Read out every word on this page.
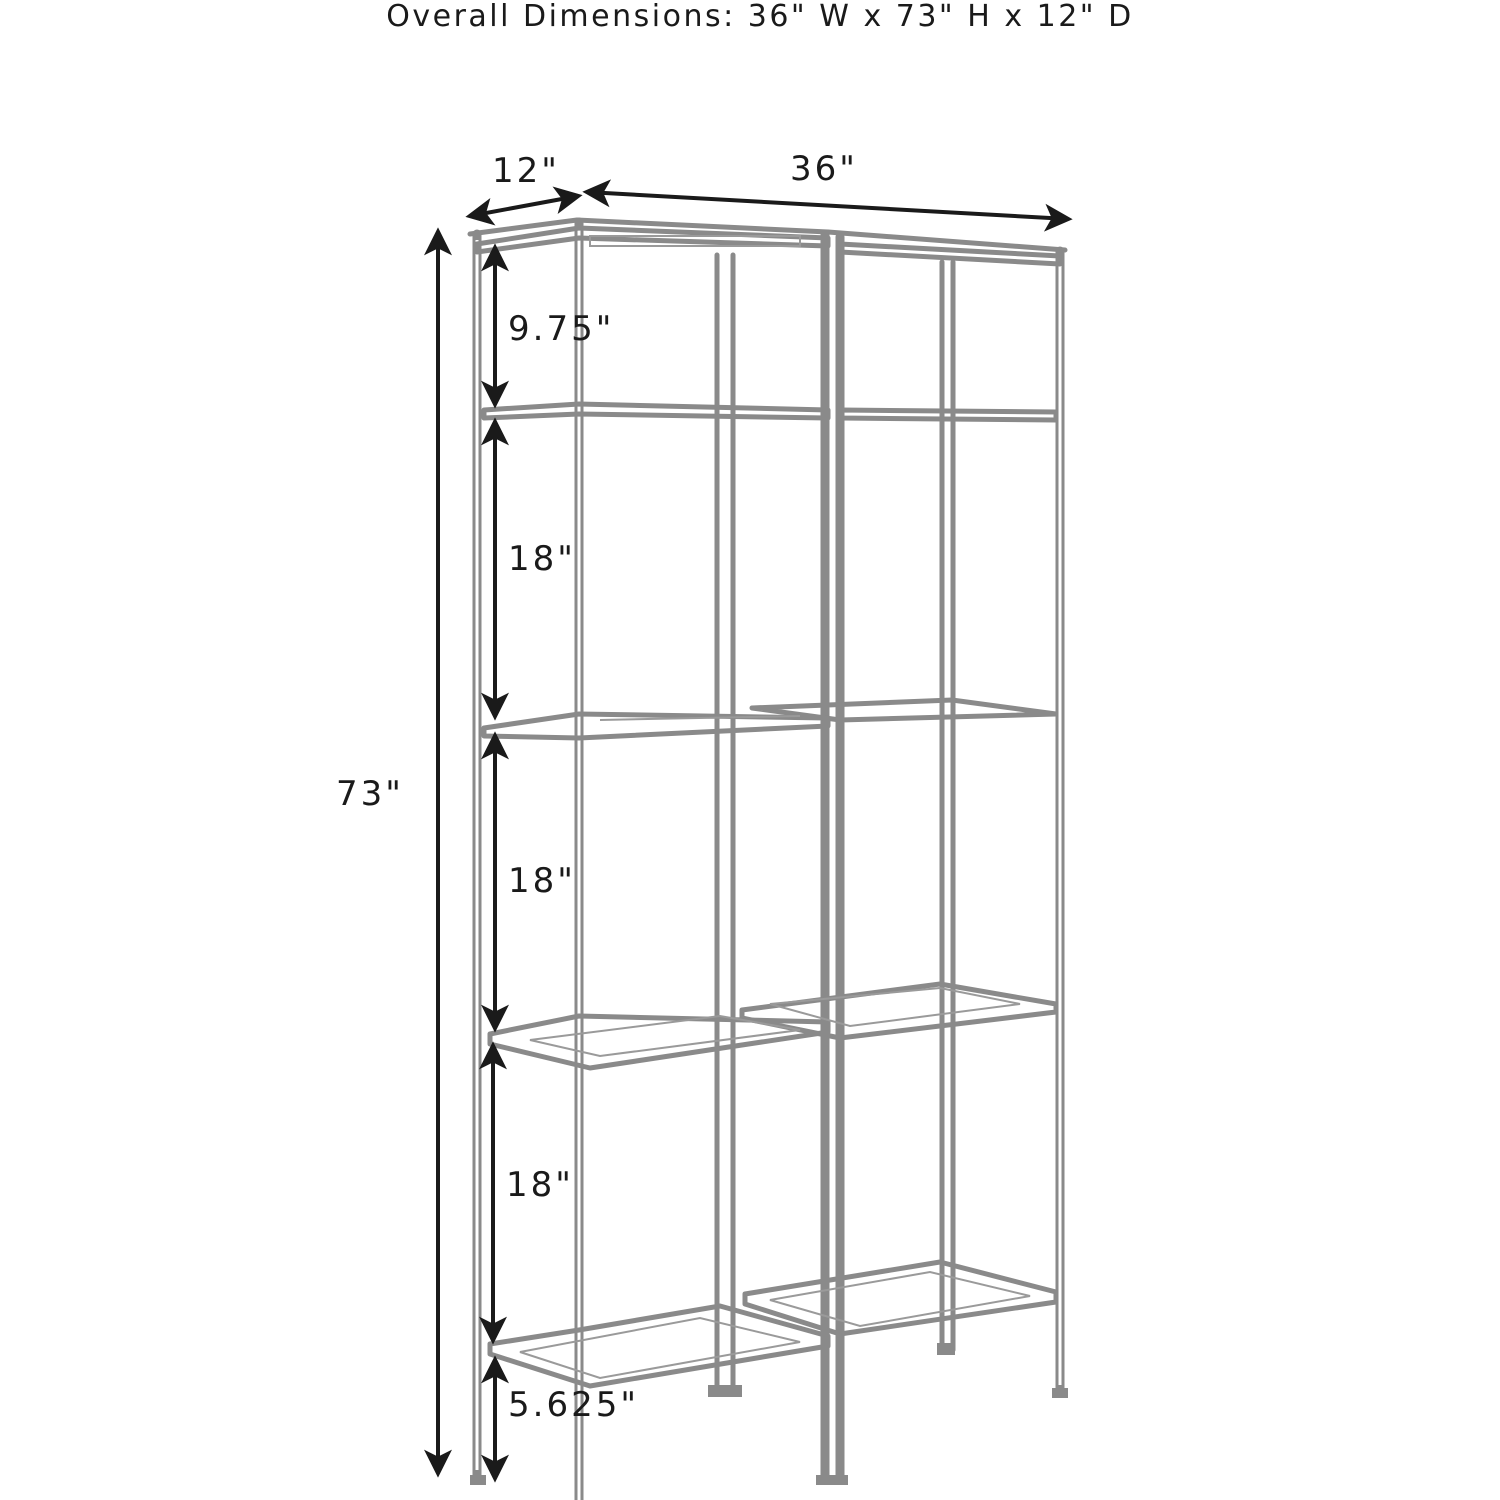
Overall Dimensions: 36" W x 73" H x 12" D
12"	36"
73"
9.75"
18"
18"
18"
5.625"
